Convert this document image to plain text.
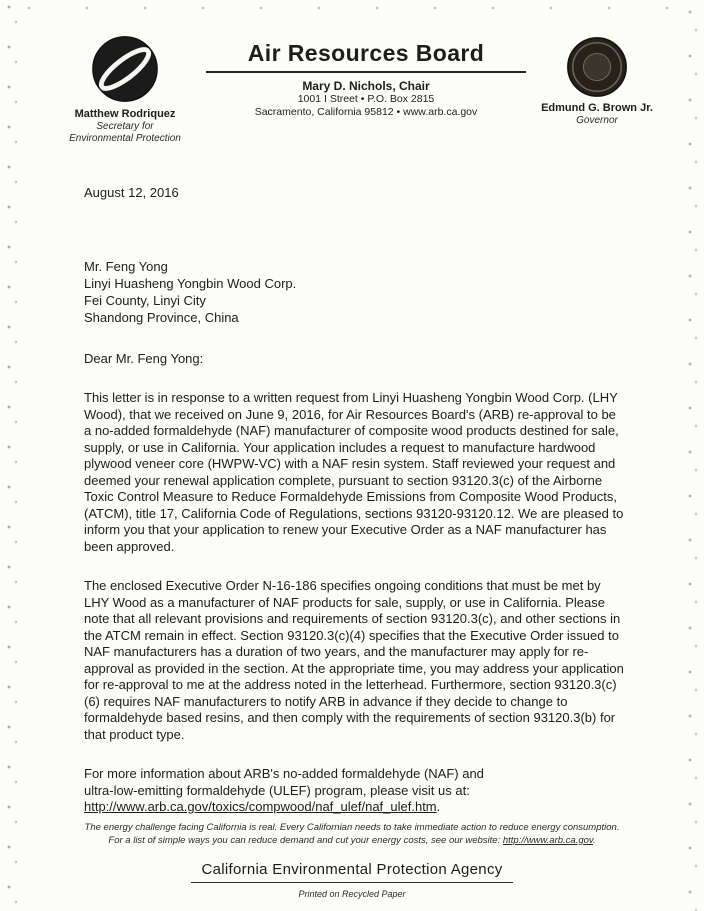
Matthew Rodriquez
Secretary for
Environmental Protection
Air Resources Board
Mary D. Nichols, Chair
1001 I Street • P.O. Box 2815
Sacramento, California 95812 • www.arb.ca.gov	Edmund G. Brown Jr.
Governor
August 12, 2016
Mr. Feng Yong
Linyi Huasheng Yongbin Wood Corp.
Fei County, Linyi City
Shandong Province, China
Dear Mr. Feng Yong:

This letter is in response to a written request from Linyi Huasheng Yongbin Wood Corp. (LHY Wood), that we received on June 9, 2016, for Air Resources Board's (ARB) re-approval to be a no-added formaldehyde (NAF) manufacturer of composite wood products destined for sale, supply, or use in California. Your application includes a request to manufacture hardwood plywood veneer core (HWPW-VC) with a NAF resin system. Staff reviewed your request and deemed your renewal application complete, pursuant to section 93120.3(c) of the Airborne Toxic Control Measure to Reduce Formaldehyde Emissions from Composite Wood Products, (ATCM), title 17, California Code of Regulations, sections 93120-93120.12. We are pleased to inform you that your application to renew your Executive Order as a NAF manufacturer has been approved.

The enclosed Executive Order N-16-186 specifies ongoing conditions that must be met by LHY Wood as a manufacturer of NAF products for sale, supply, or use in California. Please note that all relevant provisions and requirements of section 93120.3(c), and other sections in the ATCM remain in effect. Section 93120.3(c)(4) specifies that the Executive Order issued to NAF manufacturers has a duration of two years, and the manufacturer may apply for re-approval as provided in the section. At the appropriate time, you may address your application for re-approval to me at the address noted in the letterhead. Furthermore, section 93120.3(c)(6) requires NAF manufacturers to notify ARB in advance if they decide to change to formaldehyde based resins, and then comply with the requirements of section 93120.3(b) for that product type.

For more information about ARB's no-added formaldehyde (NAF) and
ultra-low-emitting formaldehyde (ULEF) program, please visit us at:
http://www.arb.ca.gov/toxics/compwood/naf_ulef/naf_ulef.htm.

The energy challenge facing California is real. Every Californian needs to take immediate action to reduce energy consumption.
For a list of simple ways you can reduce demand and cut your energy costs, see our website: http://www.arb.ca.gov.
California Environmental Protection Agency
Printed on Recycled Paper
